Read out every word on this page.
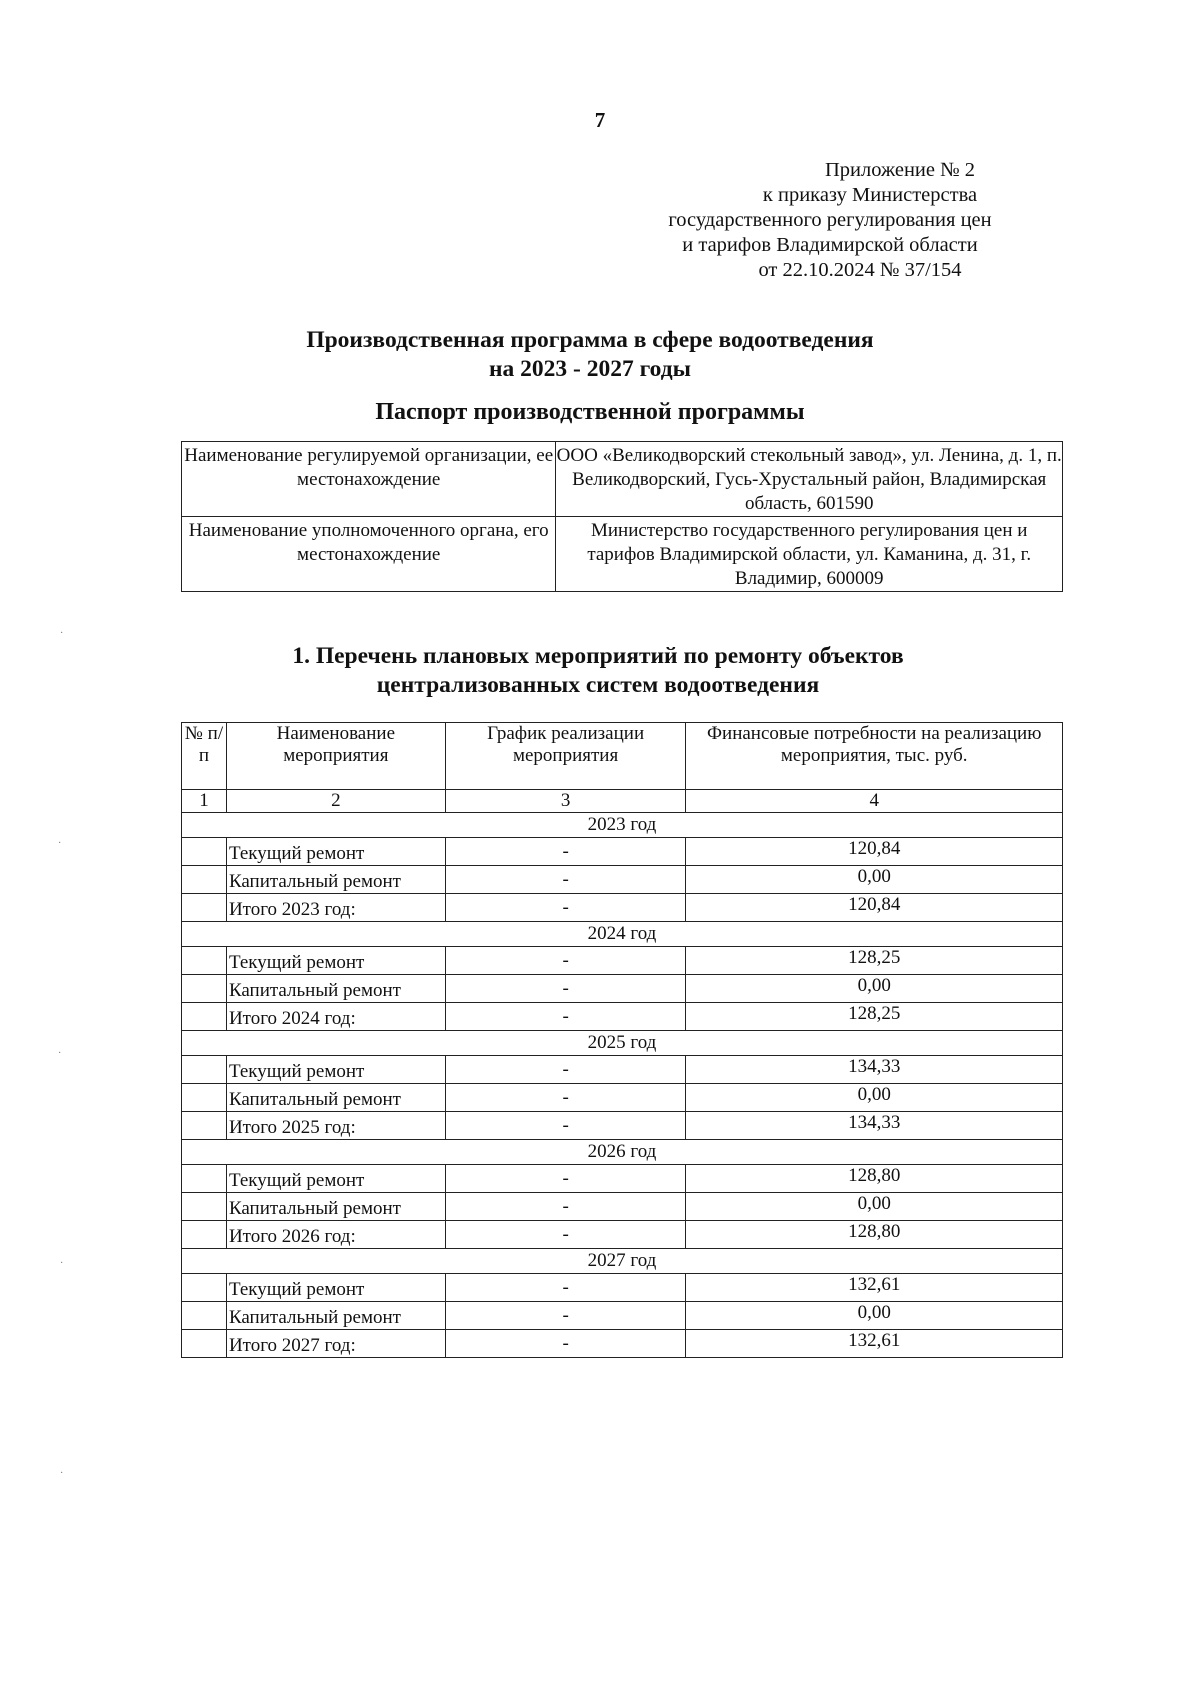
7
Приложение № 2
к приказу Министерства
государственного регулирования цен
и тарифов Владимирской области
от 22.10.2024 № 37/154
Производственная программа в сфере водоотведения
на 2023 - 2027 годы
Паспорт производственной программы
Наименование регулируемой организации, ее местонахождение	ООО «Великодворский стекольный завод», ул. Ленина, д. 1, п. Великодворский, Гусь-Хрустальный район, Владимирская область, 601590
Наименование уполномоченного органа, его местонахождение	Министерство государственного регулирования цен и тарифов Владимирской области, ул. Каманина, д. 31, г. Владимир, 600009
1. Перечень плановых мероприятий по ремонту объектов
централизованных систем водоотведения
№ п/п	Наименование мероприятия	График реализации мероприятия	Финансовые потребности на реализацию мероприятия, тыс. руб.
1	2	3	4
2023 год			
	Текущий ремонт	-	120,84
	Капитальный ремонт	-	0,00
	Итого 2023 год:	-	120,84
2024 год			
	Текущий ремонт	-	128,25
	Капитальный ремонт	-	0,00
	Итого 2024 год:	-	128,25
2025 год			
	Текущий ремонт	-	134,33
	Капитальный ремонт	-	0,00
	Итого 2025 год:	-	134,33
2026 год			
	Текущий ремонт	-	128,80
	Капитальный ремонт	-	0,00
	Итого 2026 год:	-	128,80
2027 год			
	Текущий ремонт	-	132,61
	Капитальный ремонт	-	0,00
	Итого 2027 год:	-	132,61
·
·
·
·
·
